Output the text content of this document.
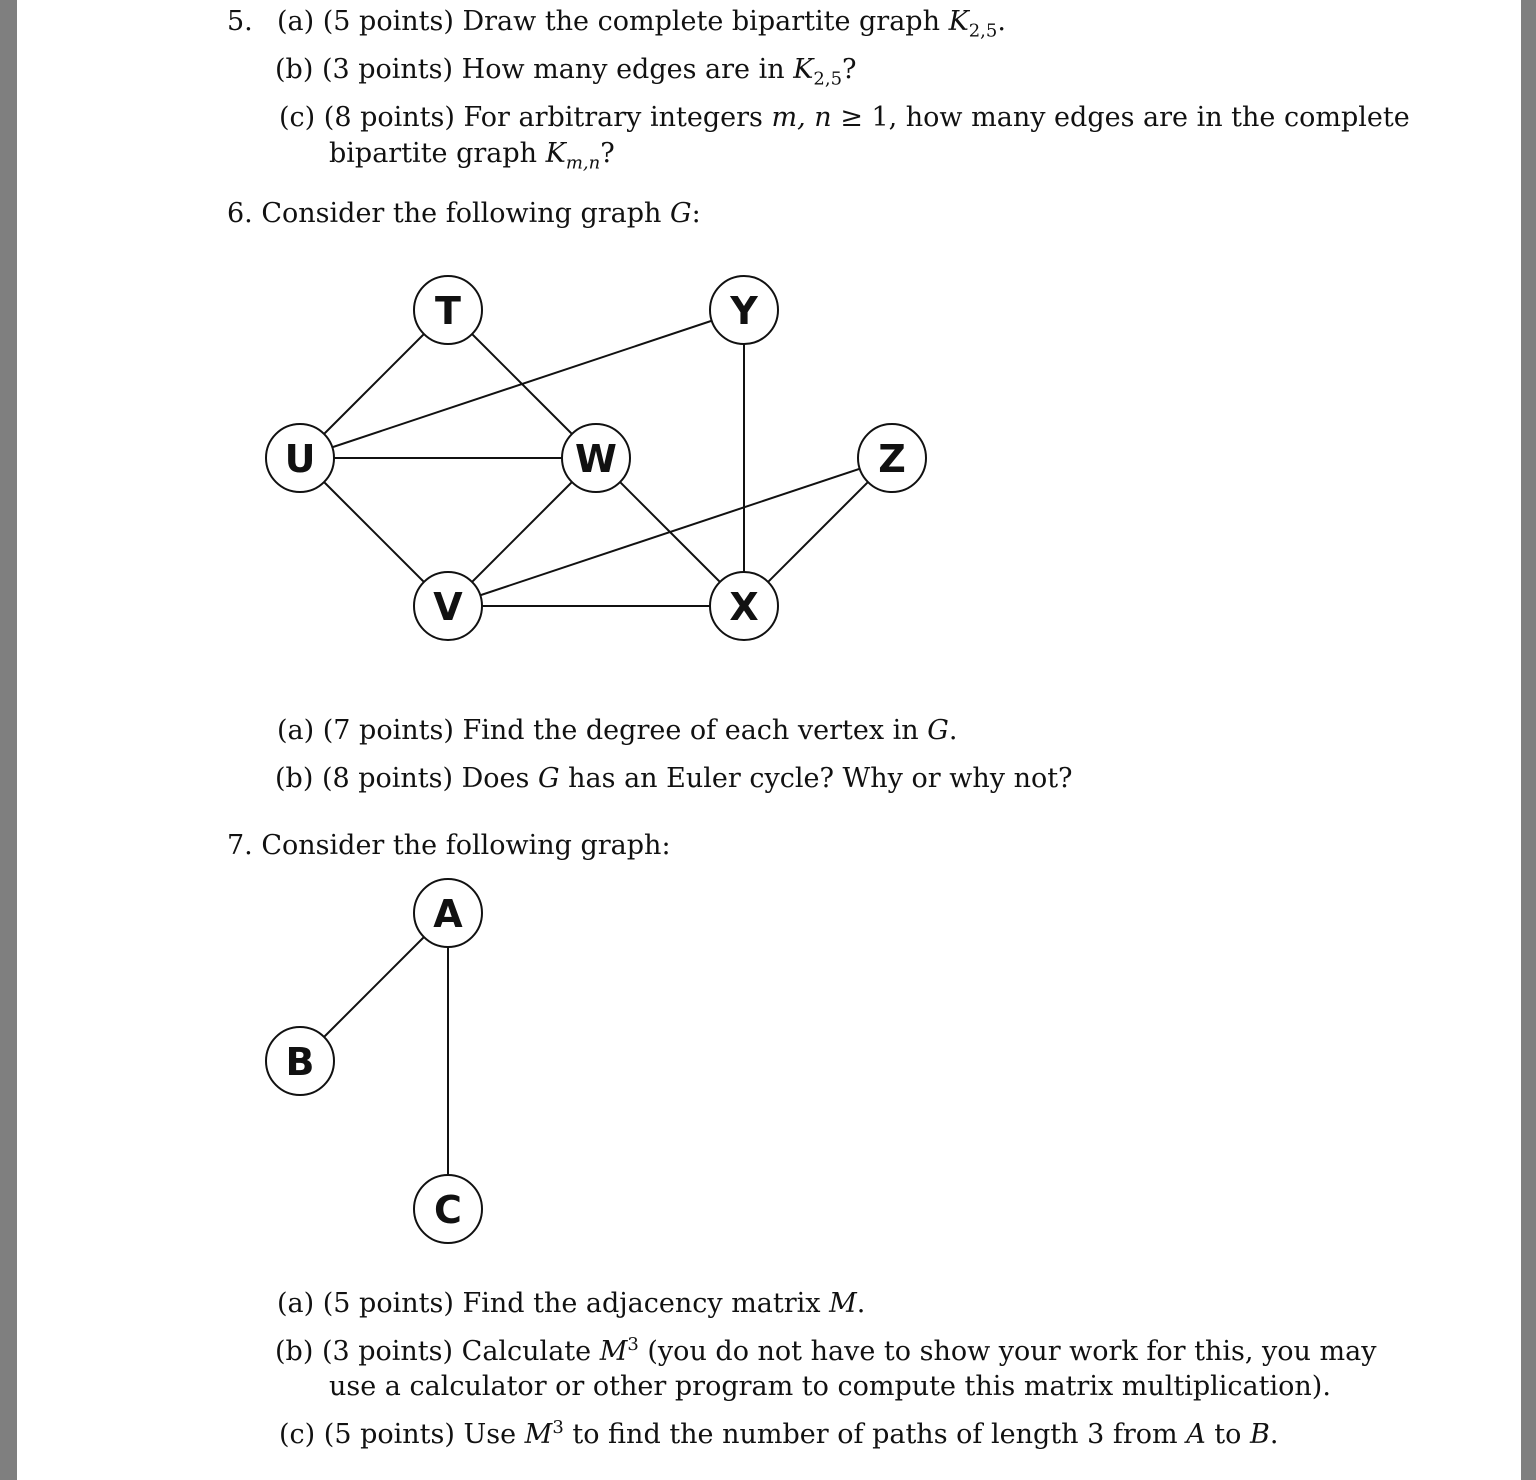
5. (a) (5 points) Draw the complete bipartite graph $K_{2,5}$.
(b) (3 points) How many edges are in $K_{2,5}$?
(c) (8 points) For arbitrary integers m, n ≥ 1, how many edges are in the complete
bipartite graph $K_{m,n}$?
6. Consider the following graph G:
T	Y
U	W	Z
V	X
A
B
C
(a) (7 points) Find the degree of each vertex in G.
(b) (8 points) Does G has an Euler cycle? Why or why not?
7. Consider the following graph:
(a) (5 points) Find the adjacency matrix M.
(b) (3 points) Calculate $M^3$ (you do not have to show your work for this, you may
use a calculator or other program to compute this matrix multiplication).
(c) (5 points) Use $M^3$ to find the number of paths of length 3 from A to B.
